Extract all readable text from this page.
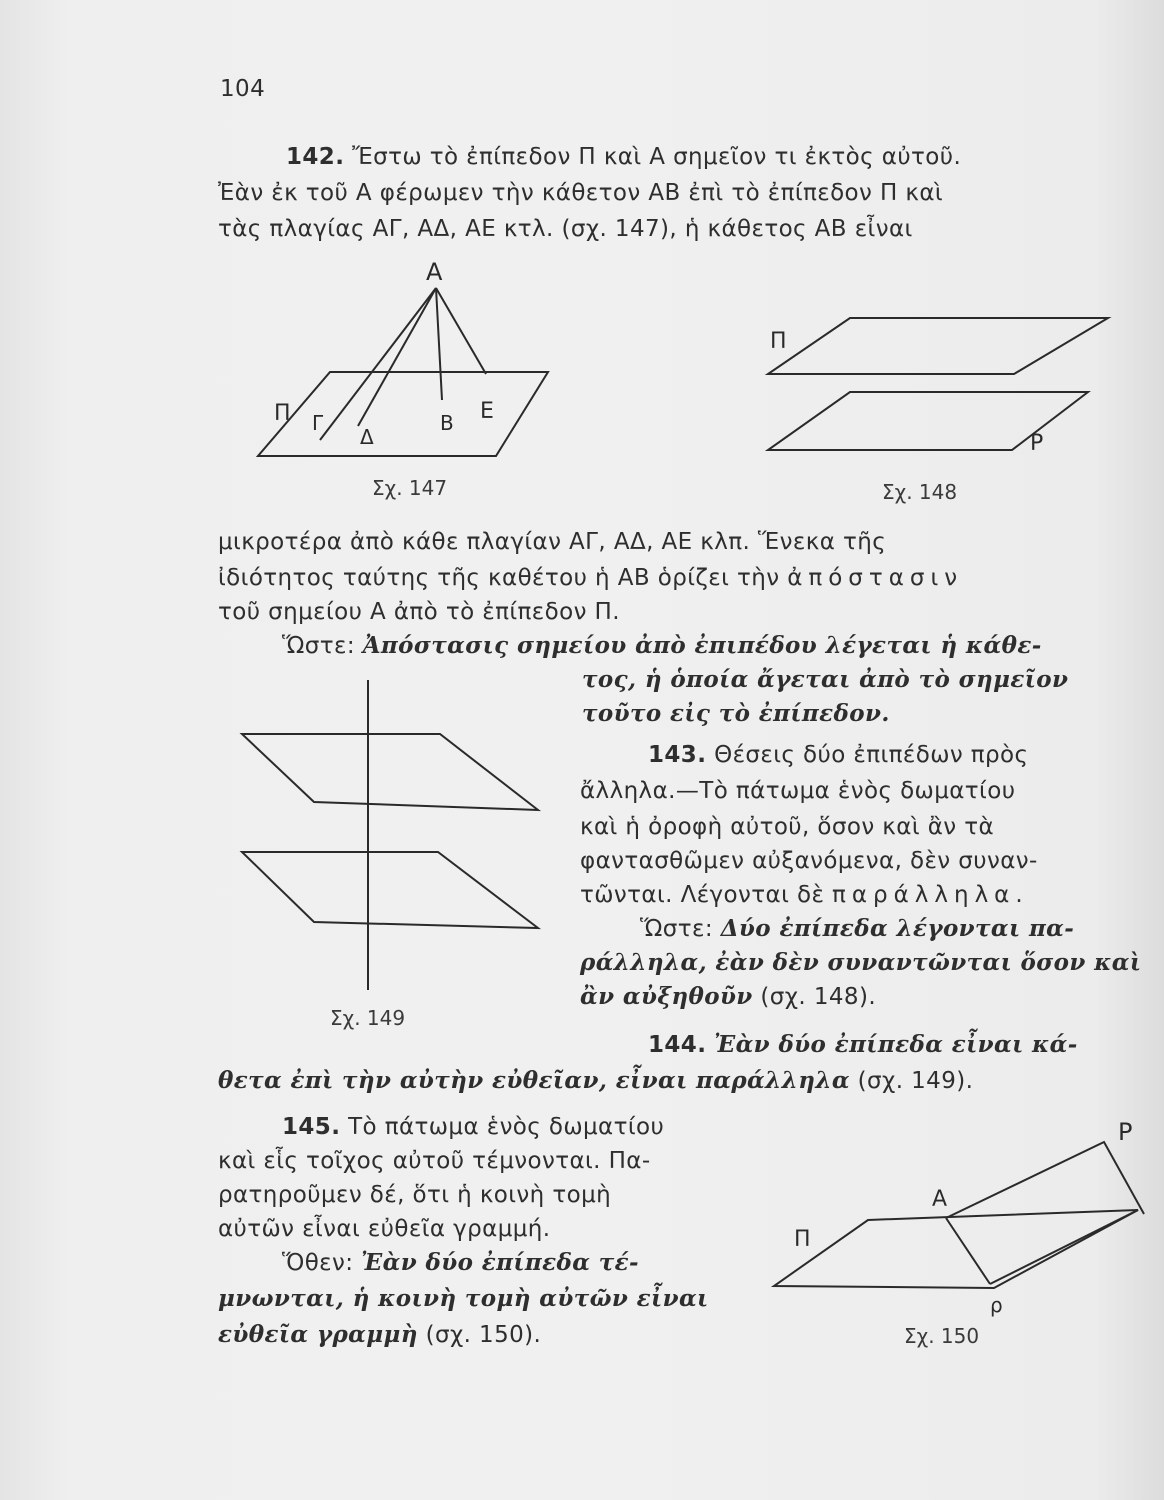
104
142. Ἔστω τὸ ἐπίπεδον Π καὶ Α σημεῖον τι ἐκτὸς αὐτοῦ.
Ἐὰν ἐκ τοῦ Α φέρωμεν τὴν κάθετον ΑΒ ἐπὶ τὸ ἐπίπεδον Π καὶ
τὰς πλαγίας ΑΓ, ΑΔ, ΑΕ κτλ. (σχ. 147), ἡ κάθετος ΑΒ εἶναι
Α
Π Γ
Δ
Β Ε
Σχ. 147
Π
Ρ
Σχ. 148
μικροτέρα ἀπὸ κάθε πλαγίαν ΑΓ, ΑΔ, ΑΕ κλπ. Ἕνεκα τῆς
ἰδιότητος ταύτης τῆς καθέτου ἡ ΑΒ ὁρίζει τὴν ἀπόστασιν
τοῦ σημείου Α ἀπὸ τὸ ἐπίπεδον Π.
Ὥστε: Ἀπόστασις σημείου ἀπὸ ἐπιπέδου λέγεται ἡ κάθε-
τος, ἡ ὁποία ἄγεται ἀπὸ τὸ σημεῖον
τοῦτο εἰς τὸ ἐπίπεδον.
Σχ. 149
143. Θέσεις δύο ἐπιπέδων πρὸς
ἄλληλα.—Τὸ πάτωμα ἑνὸς δωματίου
καὶ ἡ ὀροφὴ αὐτοῦ, ὅσον καὶ ἂν τὰ
φαντασθῶμεν αὐξανόμενα, δὲν συναν-
τῶνται. Λέγονται δὲ παράλληλα.
Ὥστε: Δύο ἐπίπεδα λέγονται πα-
ράλληλα, ἐὰν δὲν συναντῶνται ὅσον καὶ
ἂν αὐξηθοῦν (σχ. 148).
144. Ἐὰν δύο ἐπίπεδα εἶναι κά-
θετα ἐπὶ τὴν αὐτὴν εὐθεῖαν, εἶναι παράλληλα (σχ. 149).
145. Τὸ πάτωμα ἑνὸς δωματίου
καὶ εἷς τοῖχος αὐτοῦ τέμνονται. Πα-
ρατηροῦμεν δέ, ὅτι ἡ κοινὴ τομὴ
αὐτῶν εἶναι εὐθεῖα γραμμή.
Ὅθεν: Ἐὰν δύο ἐπίπεδα τέ-
μνωνται, ἡ κοινὴ τομὴ αὐτῶν εἶναι
εὐθεῖα γραμμὴ (σχ. 150).
Ρ
Α
Π
ρ
Σχ. 150
